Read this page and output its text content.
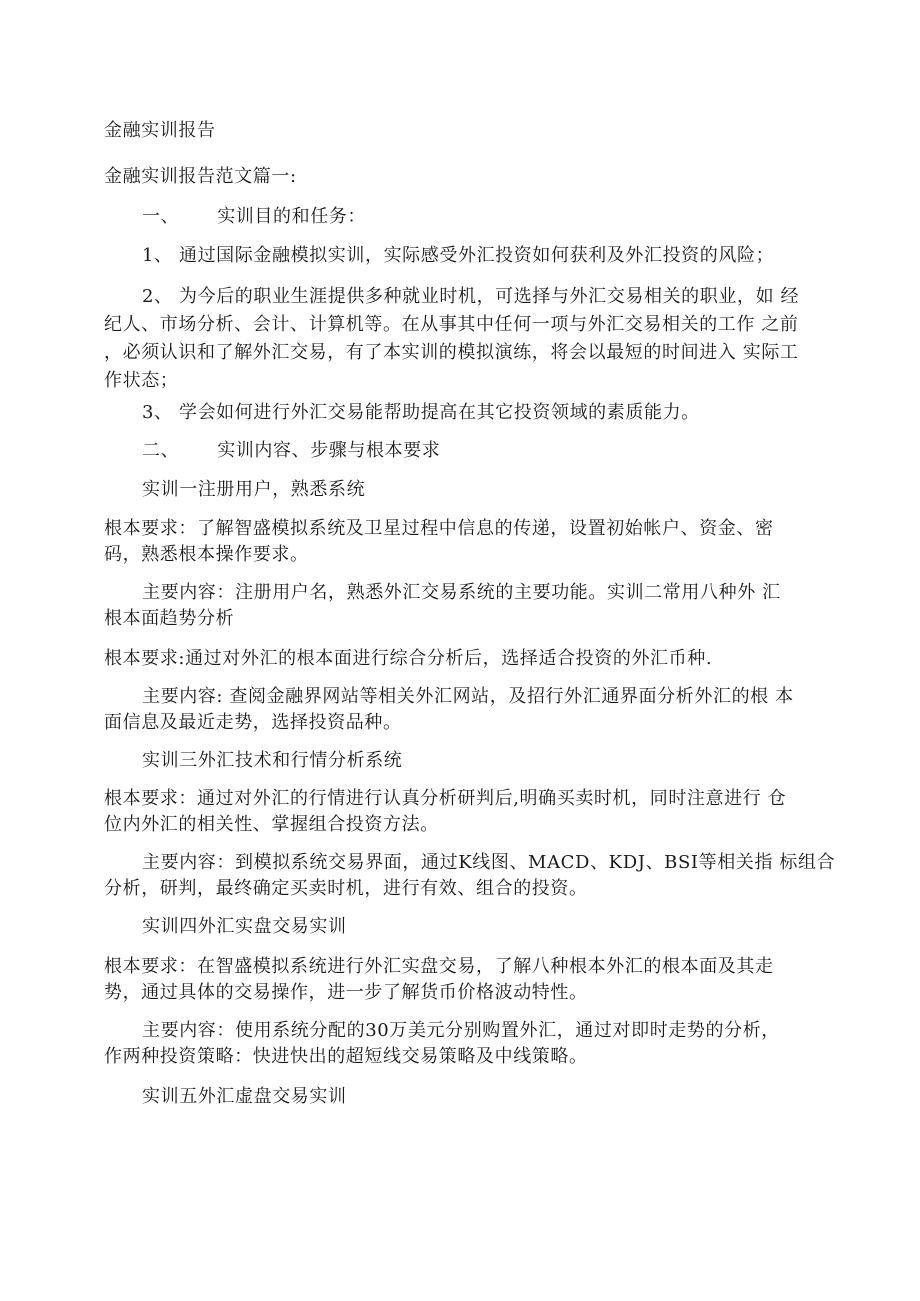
金融实训报告
金融实训报告范文篇一:
一、 实训目的和任务：
1、 通过国际金融模拟实训，实际感受外汇投资如何获利及外汇投资的风险；
2、 为今后的职业生涯提供多种就业时机，可选择与外汇交易相关的职业，如 经
纪人、市场分析、会计、计算机等。在从事其中任何一项与外汇交易相关的工作 之前
，必须认识和了解外汇交易，有了本实训的模拟演练，将会以最短的时间进入 实际工
作状态；
3、 学会如何进行外汇交易能帮助提高在其它投资领域的素质能力。
二、 实训内容、步骤与根本要求
实训一注册用户，熟悉系统
根本要求：了解智盛模拟系统及卫星过程中信息的传递，设置初始帐户、资金、密
码，熟悉根本操作要求。
主要内容：注册用户名，熟悉外汇交易系统的主要功能。实训二常用八种外 汇
根本面趋势分析
根本要求:通过对外汇的根本面进行综合分析后，选择适合投资的外汇币种.
主要内容: 查阅金融界网站等相关外汇网站，及招行外汇通界面分析外汇的根 本
面信息及最近走势，选择投资品种。
实训三外汇技术和行情分析系统
根本要求：通过对外汇的行情进行认真分析研判后,明确买卖时机，同时注意进行 仓
位内外汇的相关性、掌握组合投资方法。
主要内容：到模拟系统交易界面，通过K线图、MACD、KDJ、BSI等相关指 标组合
分析，研判，最终确定买卖时机，进行有效、组合的投资。
实训四外汇实盘交易实训
根本要求：在智盛模拟系统进行外汇实盘交易，了解八种根本外汇的根本面及其走
势，通过具体的交易操作，进一步了解货币价格波动特性。
主要内容：使用系统分配的30万美元分别购置外汇，通过对即时走势的分析，
作两种投资策略：快进快出的超短线交易策略及中线策略。
实训五外汇虚盘交易实训
